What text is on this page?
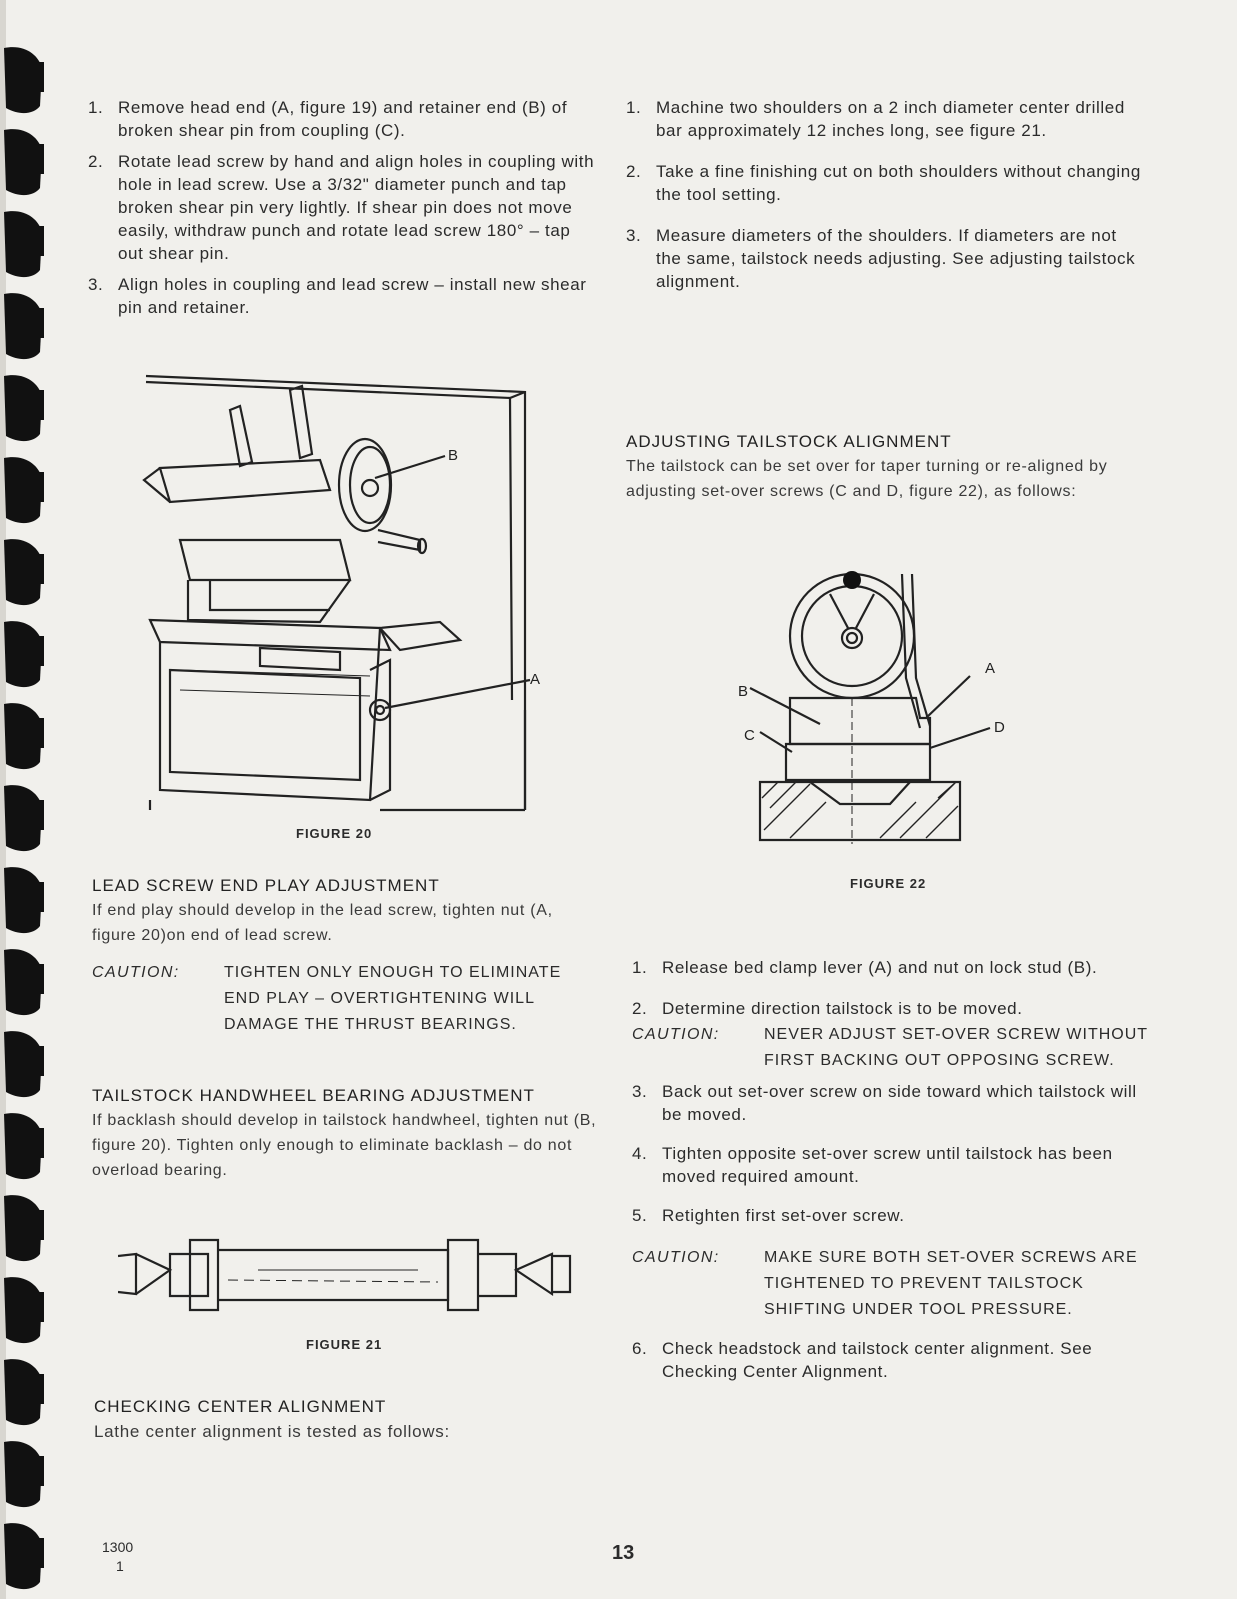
1. Remove head end (A, figure 19) and retainer end (B) of broken shear pin from coupling (C).
2. Rotate lead screw by hand and align holes in coupling with hole in lead screw. Use a 3/32" diameter punch and tap broken shear pin very lightly. If shear pin does not move easily, withdraw punch and rotate lead screw 180° – tap out shear pin.
3. Align holes in coupling and lead screw – install new shear pin and retainer.
B
A
FIGURE 20
LEAD SCREW END PLAY ADJUSTMENT

If end play should develop in the lead screw, tighten nut (A, figure 20)on end of lead screw.

CAUTION:	TIGHTEN ONLY ENOUGH TO ELIMINATE END PLAY – OVERTIGHTENING WILL DAMAGE THE THRUST BEARINGS.
TAILSTOCK HANDWHEEL BEARING ADJUSTMENT

If backlash should develop in tailstock handwheel, tighten nut (B, figure 20). Tighten only enough to eliminate backlash – do not overload bearing.

FIGURE 21
CHECKING CENTER ALIGNMENT

Lathe center alignment is tested as follows:

1. Machine two shoulders on a 2 inch diameter center drilled bar approximately 12 inches long, see figure 21.
2. Take a fine finishing cut on both shoulders without changing the tool setting.
3. Measure diameters of the shoulders. If diameters are not the same, tailstock needs adjusting. See adjusting tailstock alignment.
ADJUSTING TAILSTOCK ALIGNMENT

The tailstock can be set over for taper turning or re-aligned by adjusting set-over screws (C and D, figure 22), as follows:

B
C
A
D
FIGURE 22
1. Release bed clamp lever (A) and nut on lock stud (B).
2. Determine direction tailstock is to be moved.
CAUTION:	NEVER ADJUST SET-OVER SCREW WITHOUT FIRST BACKING OUT OPPOSING SCREW.
3. Back out set-over screw on side toward which tailstock will be moved.
4. Tighten opposite set-over screw until tailstock has been moved required amount.
5. Retighten first set-over screw.
CAUTION:	MAKE SURE BOTH SET-OVER SCREWS ARE TIGHTENED TO PREVENT TAILSTOCK SHIFTING UNDER TOOL PRESSURE.
6. Check headstock and tailstock center alignment. See Checking Center Alignment.
1300
1
13
